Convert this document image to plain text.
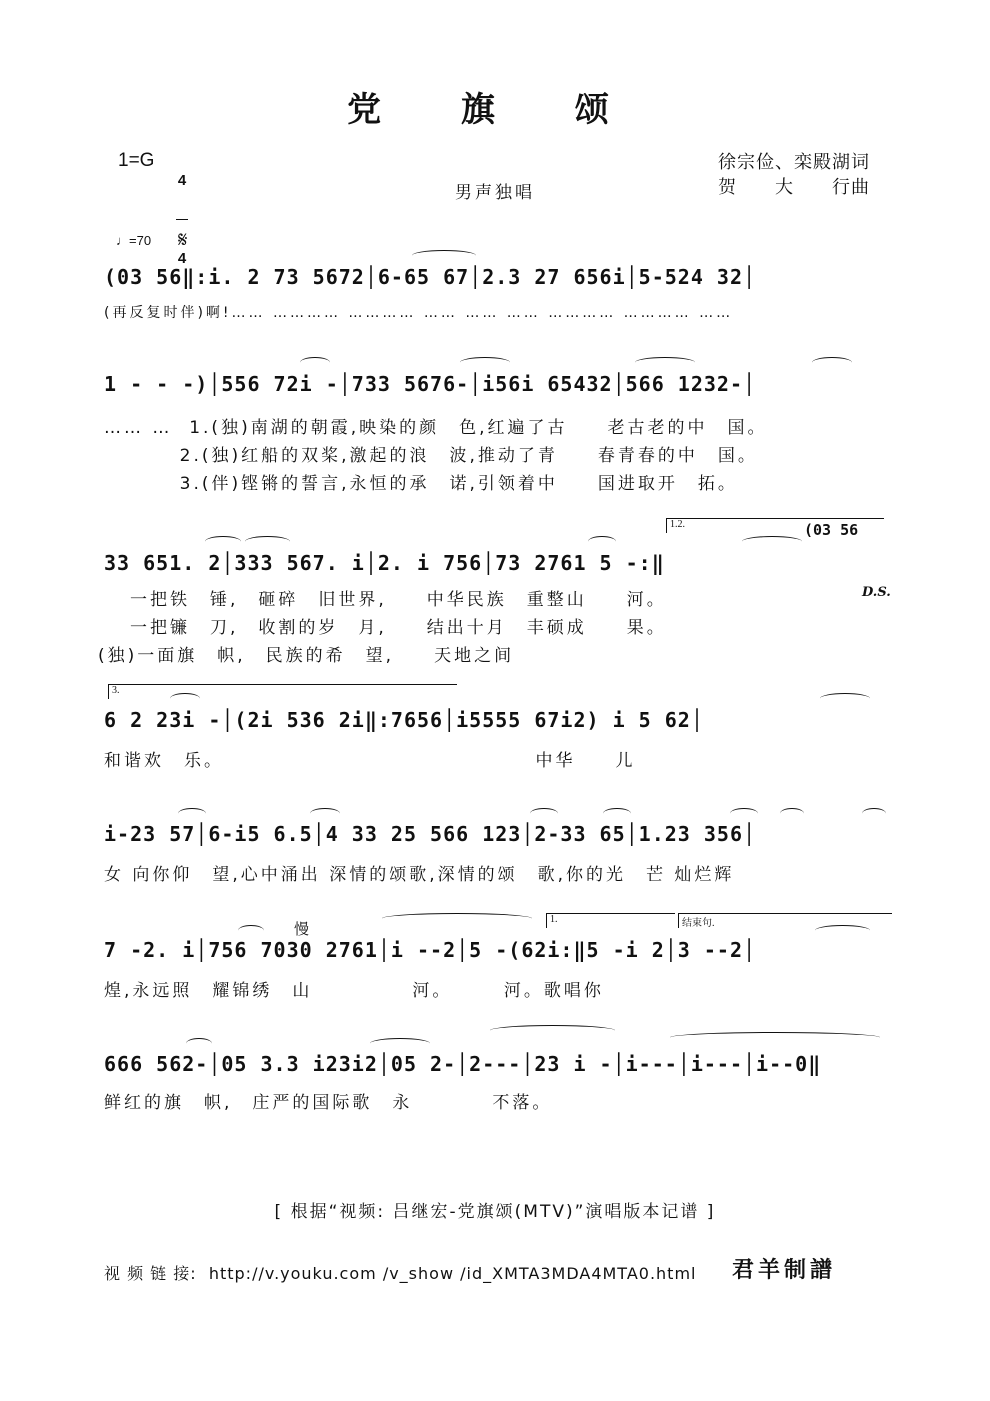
党 旗 颂
1=G

4

4

徐宗俭、栾殿湖词
贺　　大　　行曲
男声独唱
♩=70 𝄋
(03 56‖:i. 2 73 5672│6-65 67│2.3 27 656i│5-524 32│
(再反复时伴)啊!…… ………… ………… …… …… …… ………… ………… ……
1 - - -)│556 72i -│733 5676-│i56i 65432│566 1232-│
…… …  1.(独)南湖的朝霞,映染的颜　色,红遍了古　　老古老的中　国。
2.(独)红船的双桨,激起的浪　波,推动了青　　春青春的中　国。
3.(伴)铿锵的誓言,永恒的承　诺,引领着中　　国进取开　拓。
1.2.	(03 56
33 651. 2│333 567. i│2. i 756│73 2761 5 -:‖
D.S.
一把铁　锤,　砸碎　旧世界,　　中华民族　重整山　　河。
一把镰　刀,　收割的岁　月,　　结出十月　丰硕成　　果。
(独)一面旗　帜,　民族的希　望,　　天地之间
3.
6 2 23i -│(2i 536 2i‖:7656│i5555 67i2) i 5 62│
和谐欢　乐。　　　　　　　　　　　　　　　　中华　　儿
i-23 57│6-i5 6.5│4 33 25 566 123│2-33 65│1.23 356│
女 向你仰　望,心中涌出 深情的颂歌,深情的颂　歌,你的光　芒 灿烂辉
慢
1.	结束句.
7 -2. i│756 7030 2761│i --2│5 -(62i:‖5 -i 2│3 --2│
煌,永远照　耀锦绣　山　　　　　河。　　　河。歌唱你
666 562-│05 3.3 i23i2│05 2-│2---│23 i -│i---│i---│i--0‖
鲜红的旗　帜,　庄严的国际歌　永　　　　不落。
[ 根据“视频: 吕继宏-党旗颂(MTV)”演唱版本记谱 ]
视 频 链 接: http://v.youku.com /v_show /id_XMTA3MDA4MTA0.html 君羊制譜
